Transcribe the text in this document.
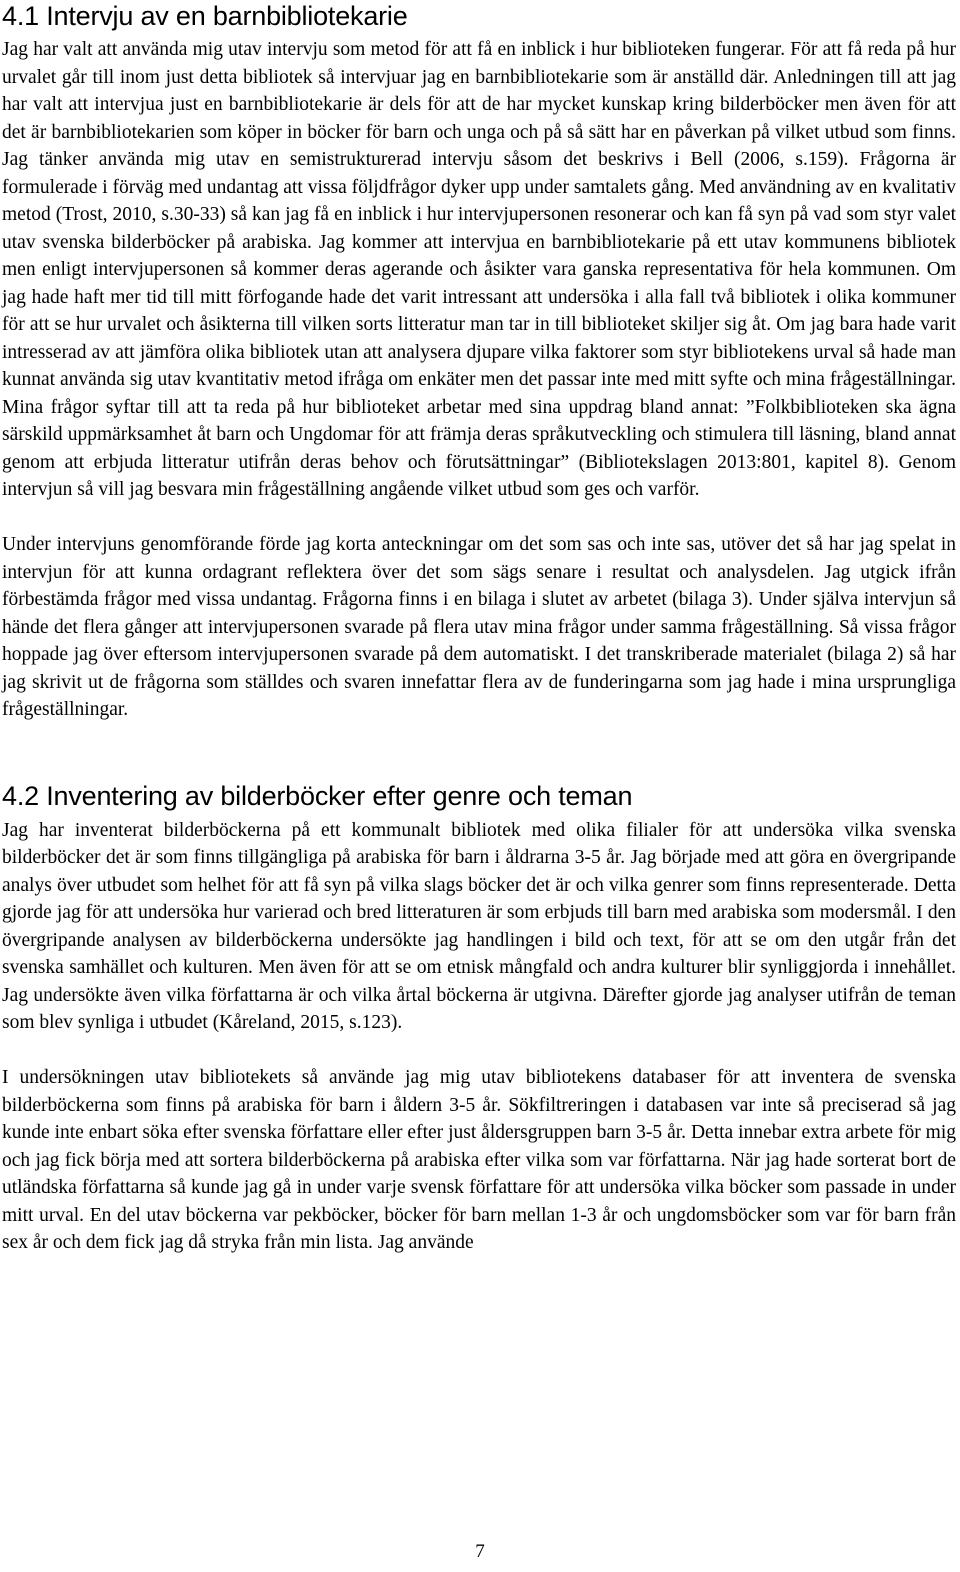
4.1 Intervju av en barnbibliotekarie

Jag har valt att använda mig utav intervju som metod för att få en inblick i hur biblioteken fungerar. För att få reda på hur urvalet går till inom just detta bibliotek så intervjuar jag en barnbibliotekarie som är anställd där. Anledningen till att jag har valt att intervjua just en barnbibliotekarie är dels för att de har mycket kunskap kring bilderböcker men även för att det är barnbibliotekarien som köper in böcker för barn och unga och på så sätt har en påverkan på vilket utbud som finns. Jag tänker använda mig utav en semistrukturerad intervju såsom det beskrivs i Bell (2006, s.159). Frågorna är formulerade i förväg med undantag att vissa följdfrågor dyker upp under samtalets gång. Med användning av en kvalitativ metod (Trost, 2010, s.30-33) så kan jag få en inblick i hur intervjupersonen resonerar och kan få syn på vad som styr valet utav svenska bilderböcker på arabiska. Jag kommer att intervjua en barnbibliotekarie på ett utav kommunens bibliotek men enligt intervjupersonen så kommer deras agerande och åsikter vara ganska representativa för hela kommunen. Om jag hade haft mer tid till mitt förfogande hade det varit intressant att undersöka i alla fall två bibliotek i olika kommuner för att se hur urvalet och åsikterna till vilken sorts litteratur man tar in till biblioteket skiljer sig åt. Om jag bara hade varit intresserad av att jämföra olika bibliotek utan att analysera djupare vilka faktorer som styr bibliotekens urval så hade man kunnat använda sig utav kvantitativ metod ifråga om enkäter men det passar inte med mitt syfte och mina frågeställningar. Mina frågor syftar till att ta reda på hur biblioteket arbetar med sina uppdrag bland annat: ”Folkbiblioteken ska ägna särskild uppmärksamhet åt barn och Ungdomar för att främja deras språkutveckling och stimulera till läsning, bland annat genom att erbjuda litteratur utifrån deras behov och förutsättningar” (Bibliotekslagen 2013:801, kapitel 8). Genom intervjun så vill jag besvara min frågeställning angående vilket utbud som ges och varför.

Under intervjuns genomförande förde jag korta anteckningar om det som sas och inte sas, utöver det så har jag spelat in intervjun för att kunna ordagrant reflektera över det som sägs senare i resultat och analysdelen. Jag utgick ifrån förbestämda frågor med vissa undantag. Frågorna finns i en bilaga i slutet av arbetet (bilaga 3). Under själva intervjun så hände det flera gånger att intervjupersonen svarade på flera utav mina frågor under samma frågeställning. Så vissa frågor hoppade jag över eftersom intervjupersonen svarade på dem automatiskt. I det transkriberade materialet (bilaga 2) så har jag skrivit ut de frågorna som ställdes och svaren innefattar flera av de funderingarna som jag hade i mina ursprungliga frågeställningar.

4.2 Inventering av bilderböcker efter genre och teman

Jag har inventerat bilderböckerna på ett kommunalt bibliotek med olika filialer för att undersöka vilka svenska bilderböcker det är som finns tillgängliga på arabiska för barn i åldrarna 3-5 år. Jag började med att göra en övergripande analys över utbudet som helhet för att få syn på vilka slags böcker det är och vilka genrer som finns representerade. Detta gjorde jag för att undersöka hur varierad och bred litteraturen är som erbjuds till barn med arabiska som modersmål. I den övergripande analysen av bilderböckerna undersökte jag handlingen i bild och text, för att se om den utgår från det svenska samhället och kulturen. Men även för att se om etnisk mångfald och andra kulturer blir synliggjorda i innehållet. Jag undersökte även vilka författarna är och vilka årtal böckerna är utgivna. Därefter gjorde jag analyser utifrån de teman som blev synliga i utbudet (Kåreland, 2015, s.123).

I undersökningen utav bibliotekets så använde jag mig utav bibliotekens databaser för att inventera de svenska bilderböckerna som finns på arabiska för barn i åldern 3-5 år. Sökfiltreringen i databasen var inte så preciserad så jag kunde inte enbart söka efter svenska författare eller efter just åldersgruppen barn 3-5 år. Detta innebar extra arbete för mig och jag fick börja med att sortera bilderböckerna på arabiska efter vilka som var författarna. När jag hade sorterat bort de utländska författarna så kunde jag gå in under varje svensk författare för att undersöka vilka böcker som passade in under mitt urval. En del utav böckerna var pekböcker, böcker för barn mellan 1-3 år och ungdomsböcker som var för barn från sex år och dem fick jag då stryka från min lista. Jag använde

7
